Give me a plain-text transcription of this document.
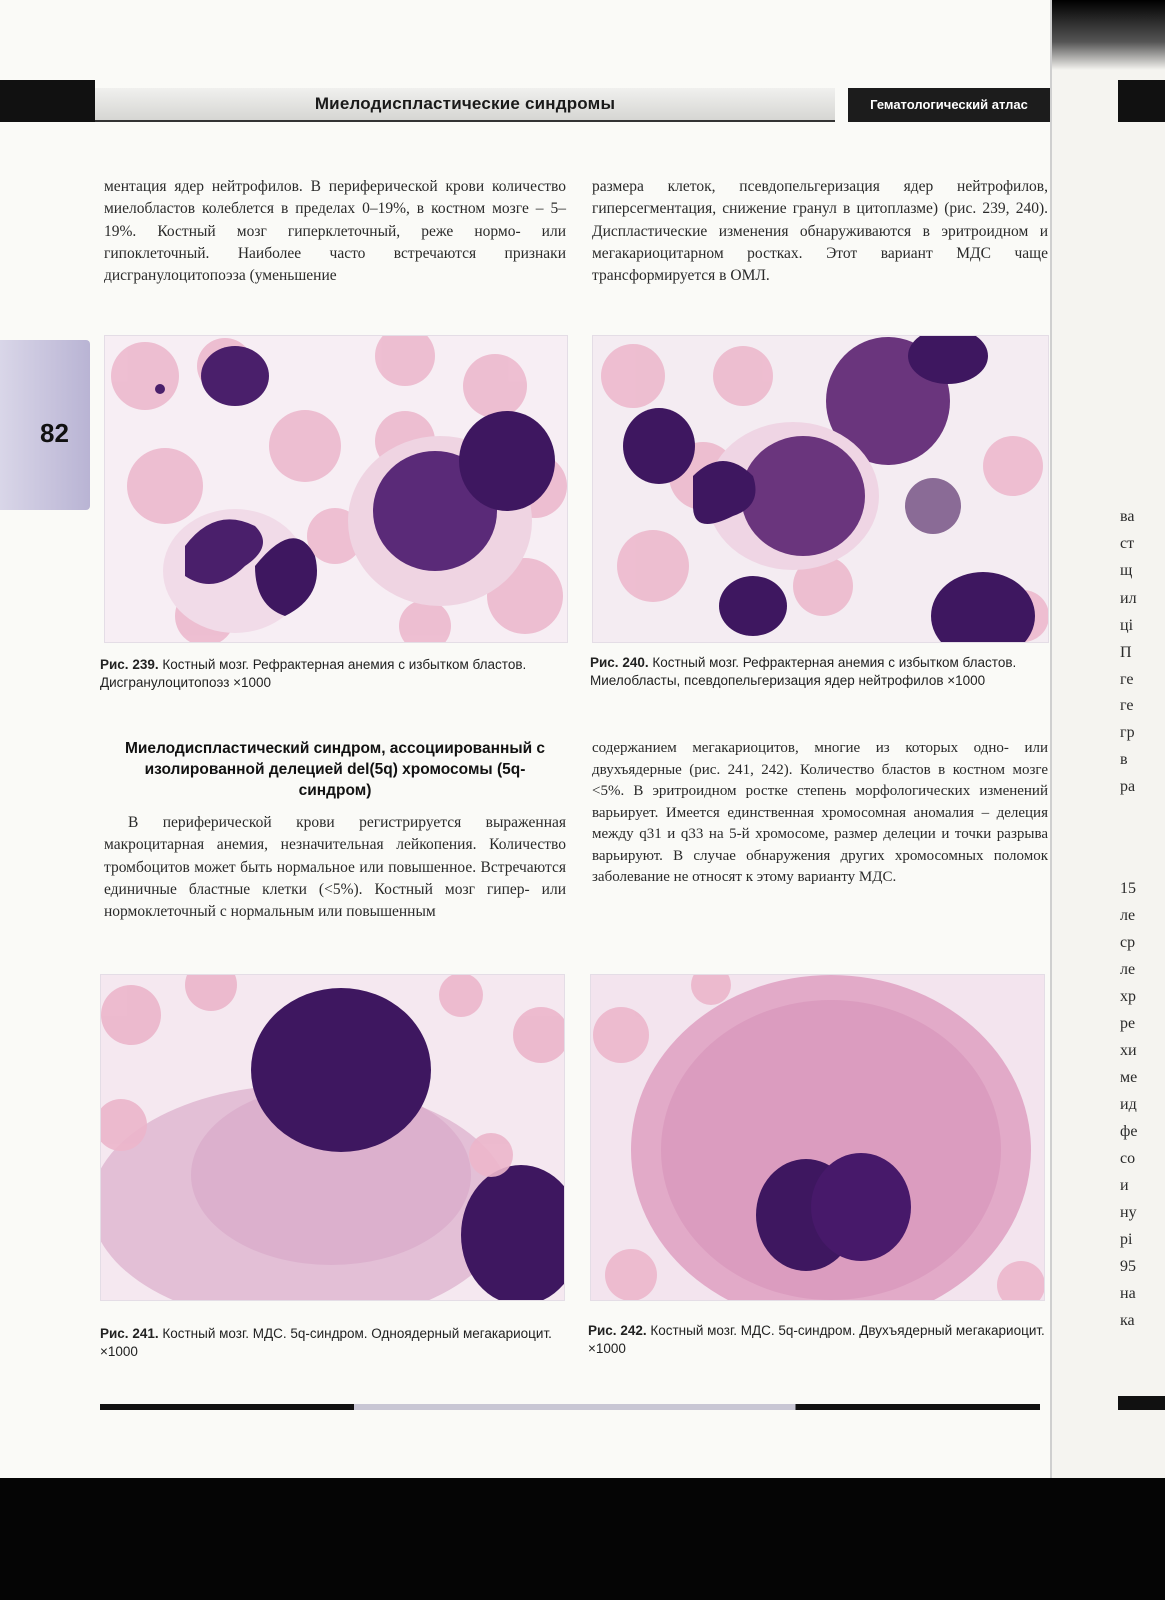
ва
ст
щ
ил
ці
П
ге
ге
гр
в
ра
15
ле
ср
ле
хр
ре
хи
ме
ид
фе
со
и
ну
рі
95
на
ка
Миелодиспластические синдромы	Гематологический атлас
82

ментация ядер нейтрофилов. В периферической крови количество миелобластов колеблется в пределах 0–19%, в костном мозге – 5–19%. Костный мозг гиперклеточный, реже нормо- или гипоклеточный. Наиболее часто встречаются признаки дисгранулоцитопоэза (уменьшение

размера клеток, псевдопельгеризация ядер нейтрофилов, гиперсегментация, снижение гранул в цитоплазме) (рис. 239, 240). Диспластические изменения обнаруживаются в эритроидном и мегакариоцитарном ростках. Этот вариант МДС чаще трансформируется в ОМЛ.

Рис. 239. Костный мозг. Рефрактерная анемия с избытком бластов. Дисгранулоцитопоэз ×1000
Рис. 240. Костный мозг. Рефрактерная анемия с избытком бластов. Миелобласты, псевдопельгеризация ядер нейтрофилов ×1000
Миелодиспластический синдром, ассоциированный с изолированной делецией del(5q) хромосомы (5q-синдром)

В периферической крови регистрируется выраженная макроцитарная анемия, незначительная лейкопения. Количество тромбоцитов может быть нормальное или повышенное. Встречаются единичные бластные клетки (<5%). Костный мозг гипер- или нормоклеточный с нормальным или повышенным

содержанием мегакариоцитов, многие из которых одно- или двухъядерные (рис. 241, 242). Количество бластов в костном мозге <5%. В эритроидном ростке степень морфологических изменений варьирует. Имеется единственная хромосомная аномалия – делеция между q31 и q33 на 5-й хромосоме, размер делеции и точки разрыва варьируют. В случае обнаружения других хромосомных поломок заболевание не относят к этому варианту МДС.

Рис. 241. Костный мозг. МДС. 5q-синдром. Одноядерный мегакариоцит. ×1000
Рис. 242. Костный мозг. МДС. 5q-синдром. Двухъядерный мегакариоцит. ×1000
